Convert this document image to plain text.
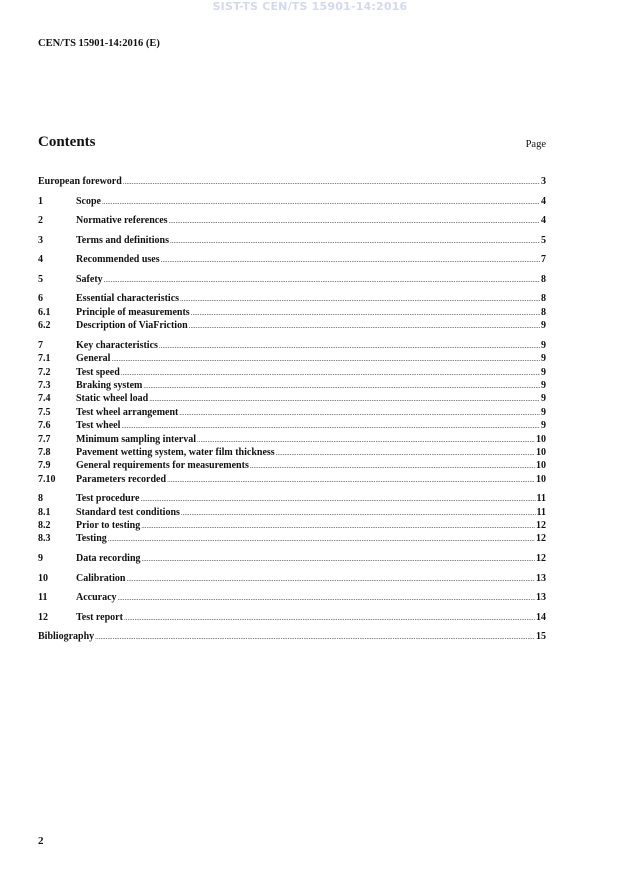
SIST-TS CEN/TS 15901-14:2016
CEN/TS 15901-14:2016 (E)
Contents	Page
European foreword .....	3
1	Scope .....	4
2	Normative references .....	4
3	Terms and definitions .....	5
4	Recommended uses .....	7
5	Safety .....	8
6	Essential characteristics .....	8
6.1	Principle of measurements .....	8
6.2	Description of ViaFriction .....	9
7	Key characteristics .....	9
7.1	General .....	9
7.2	Test speed .....	9
7.3	Braking system .....	9
7.4	Static wheel load .....	9
7.5	Test wheel arrangement .....	9
7.6	Test wheel .....	9
7.7	Minimum sampling interval .....	10
7.8	Pavement wetting system, water film thickness .....	10
7.9	General requirements for measurements .....	10
7.10	Parameters recorded .....	10
8	Test procedure .....	11
8.1	Standard test conditions .....	11
8.2	Prior to testing .....	12
8.3	Testing .....	12
9	Data recording .....	12
10	Calibration .....	13
11	Accuracy .....	13
12	Test report .....	14
Bibliography .....	15
2
